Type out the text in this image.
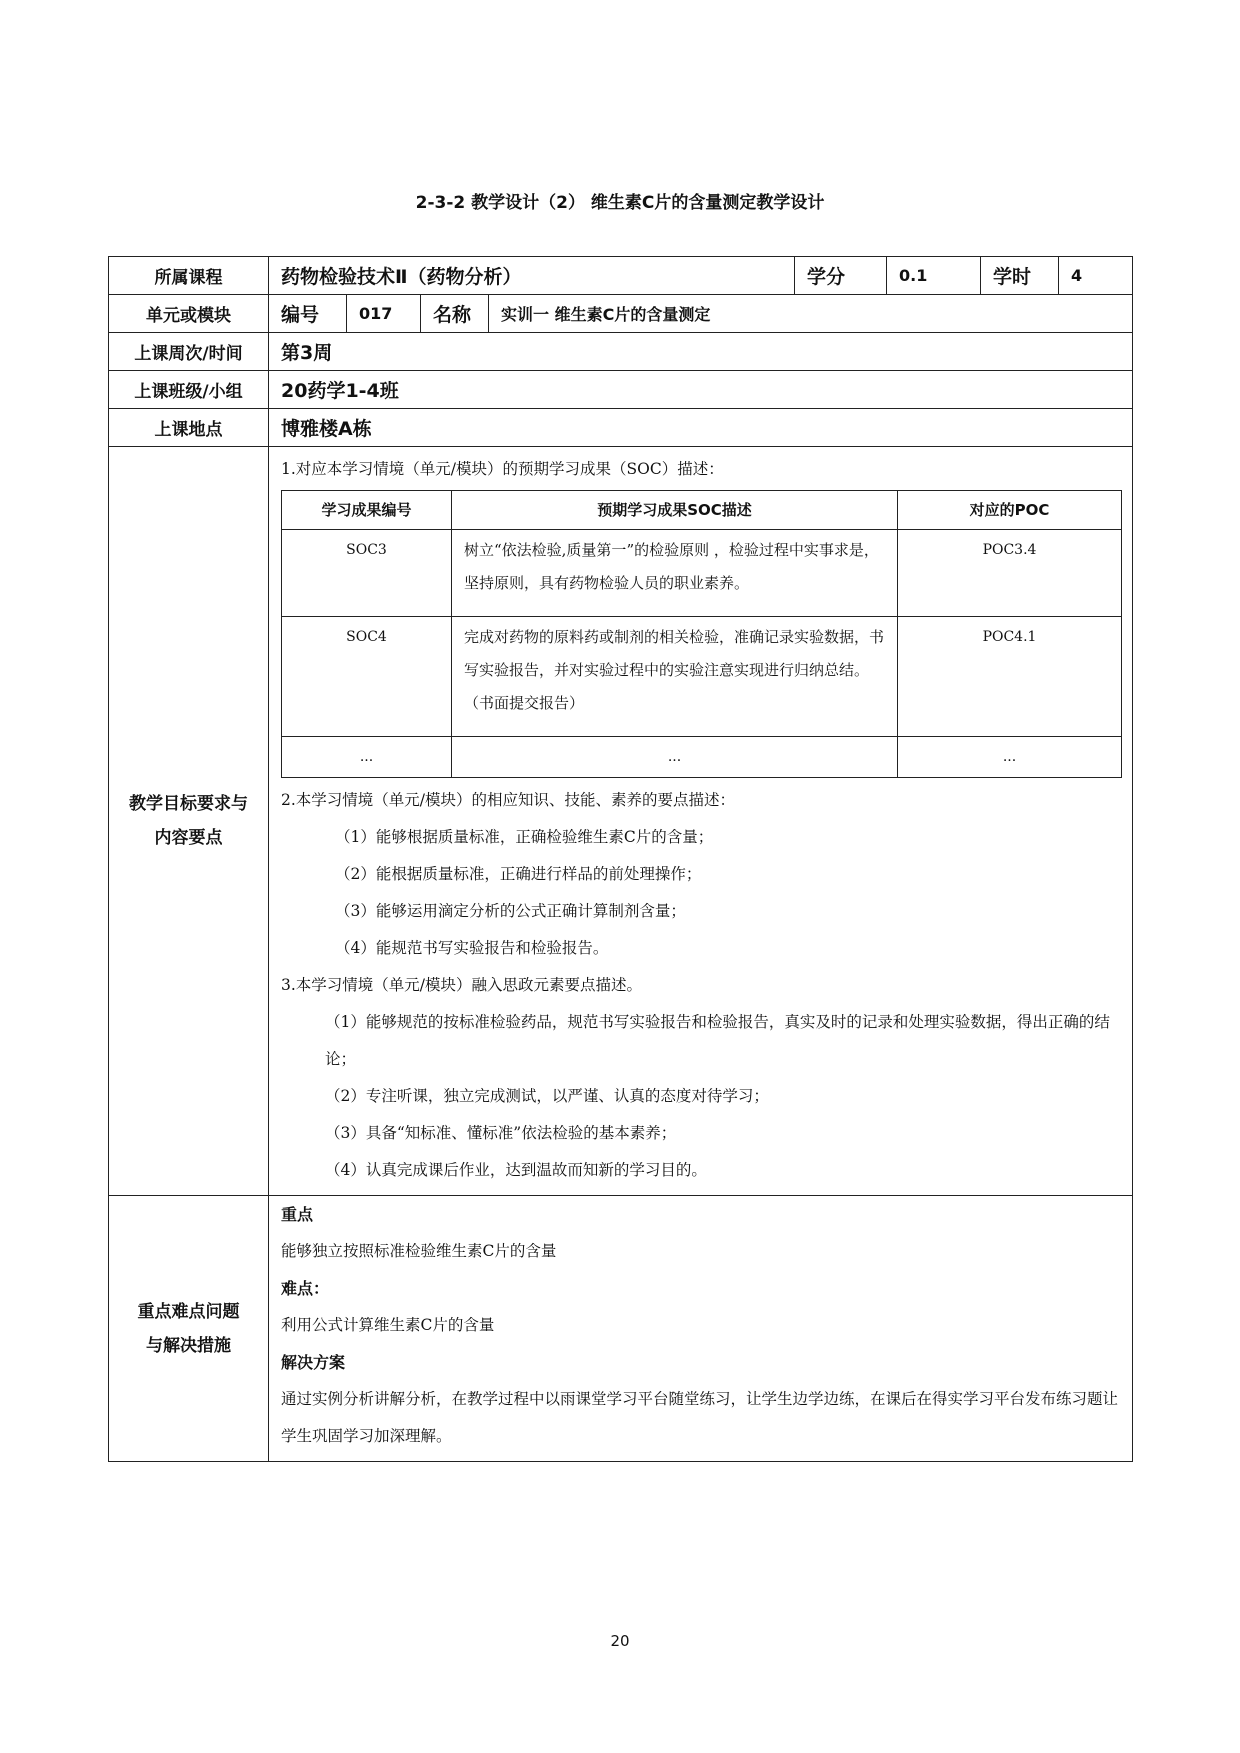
2-3-2 教学设计（2） 维生素C片的含量测定教学设计
所属课程	药物检验技术Ⅱ（药物分析）	学分	0.1	学时	4
单元或模块	编号	017	名称	实训一 维生素C片的含量测定
上课周次/时间	第3周
上课班级/小组	20药学1-4班
上课地点	博雅楼A栋

教学目标要求与
内容要点

1.对应本学习情境（单元/模块）的预期学习成果（SOC）描述：
学习成果编号	预期学习成果SOC描述	对应的POC
SOC3	树立“依法检验,质量第一”的检验原则 ，检验过程中实事求是，坚持原则，具有药物检验人员的职业素养。	POC3.4
SOC4	完成对药物的原料药或制剂的相关检验，准确记录实验数据，书写实验报告，并对实验过程中的实验注意实现进行归纳总结。（书面提交报告）	POC4.1
...	...	...
2.本学习情境（单元/模块）的相应知识、技能、素养的要点描述：
（1）能够根据质量标准，正确检验维生素C片的含量；
（2）能根据质量标准，正确进行样品的前处理操作；
（3）能够运用滴定分析的公式正确计算制剂含量；
（4）能规范书写实验报告和检验报告。
3.本学习情境（单元/模块）融入思政元素要点描述。
（1）能够规范的按标准检验药品，规范书写实验报告和检验报告，真实及时的记录和处理实验数据，得出正确的结论；
（2）专注听课，独立完成测试，以严谨、认真的态度对待学习；
（3）具备“知标准、懂标准”依法检验的基本素养；
（4）认真完成课后作业，达到温故而知新的学习目的。

重点难点问题
与解决措施

重点
能够独立按照标准检验维生素C片的含量
难点：
利用公式计算维生素C片的含量
解决方案
通过实例分析讲解分析，在教学过程中以雨课堂学习平台随堂练习，让学生边学边练，在课后在得实学习平台发布练习题让学生巩固学习加深理解。
20
